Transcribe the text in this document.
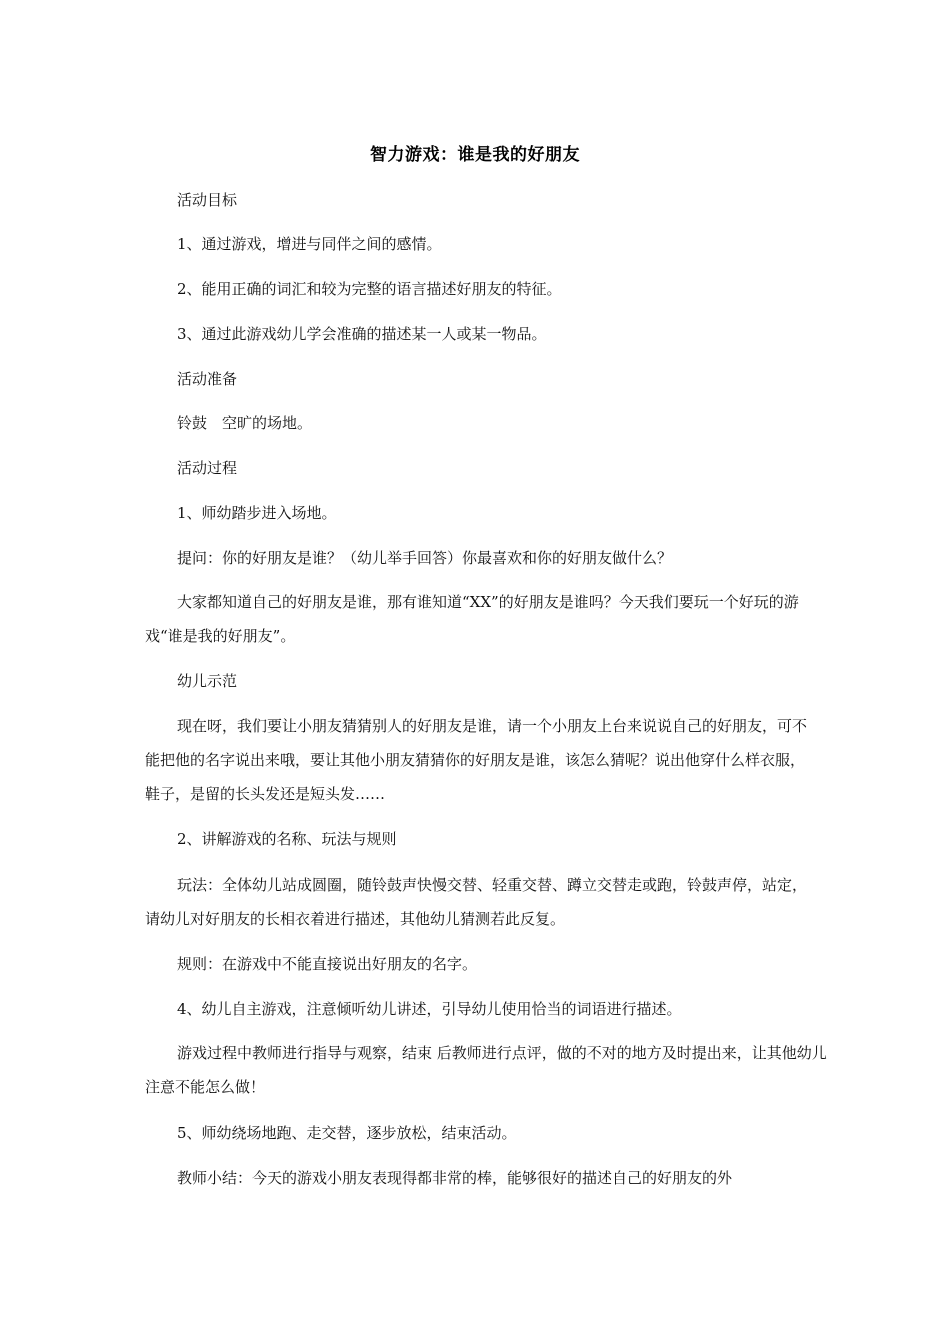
智力游戏：谁是我的好朋友

活动目标

1、通过游戏，增进与同伴之间的感情。

2、能用正确的词汇和较为完整的语言描述好朋友的特征。

3、通过此游戏幼儿学会准确的描述某一人或某一物品。

活动准备

铃鼓　空旷的场地。

活动过程

1、师幼踏步进入场地。

提问：你的好朋友是谁？（幼儿举手回答）你最喜欢和你的好朋友做什么？

大家都知道自己的好朋友是谁，那有谁知道“XX”的好朋友是谁吗？今天我们要玩一个好玩的游戏“谁是我的好朋友”。

幼儿示范

现在呀，我们要让小朋友猜猜别人的好朋友是谁，请一个小朋友上台来说说自己的好朋友，可不能把他的名字说出来哦，要让其他小朋友猜猜你的好朋友是谁，该怎么猜呢？说出他穿什么样衣服，鞋子，是留的长头发还是短头发……

2、讲解游戏的名称、玩法与规则

玩法：全体幼儿站成圆圈，随铃鼓声快慢交替、轻重交替、蹲立交替走或跑，铃鼓声停，站定，请幼儿对好朋友的长相衣着进行描述，其他幼儿猜测若此反复。

规则：在游戏中不能直接说出好朋友的名字。

4、幼儿自主游戏，注意倾听幼儿讲述，引导幼儿使用恰当的词语进行描述。

游戏过程中教师进行指导与观察，结束 后教师进行点评，做的不对的地方及时提出来，让其他幼儿注意不能怎么做！

5、师幼绕场地跑、走交替，逐步放松，结束活动。

教师小结：今天的游戏小朋友表现得都非常的棒，能够很好的描述自己的好朋友的外
